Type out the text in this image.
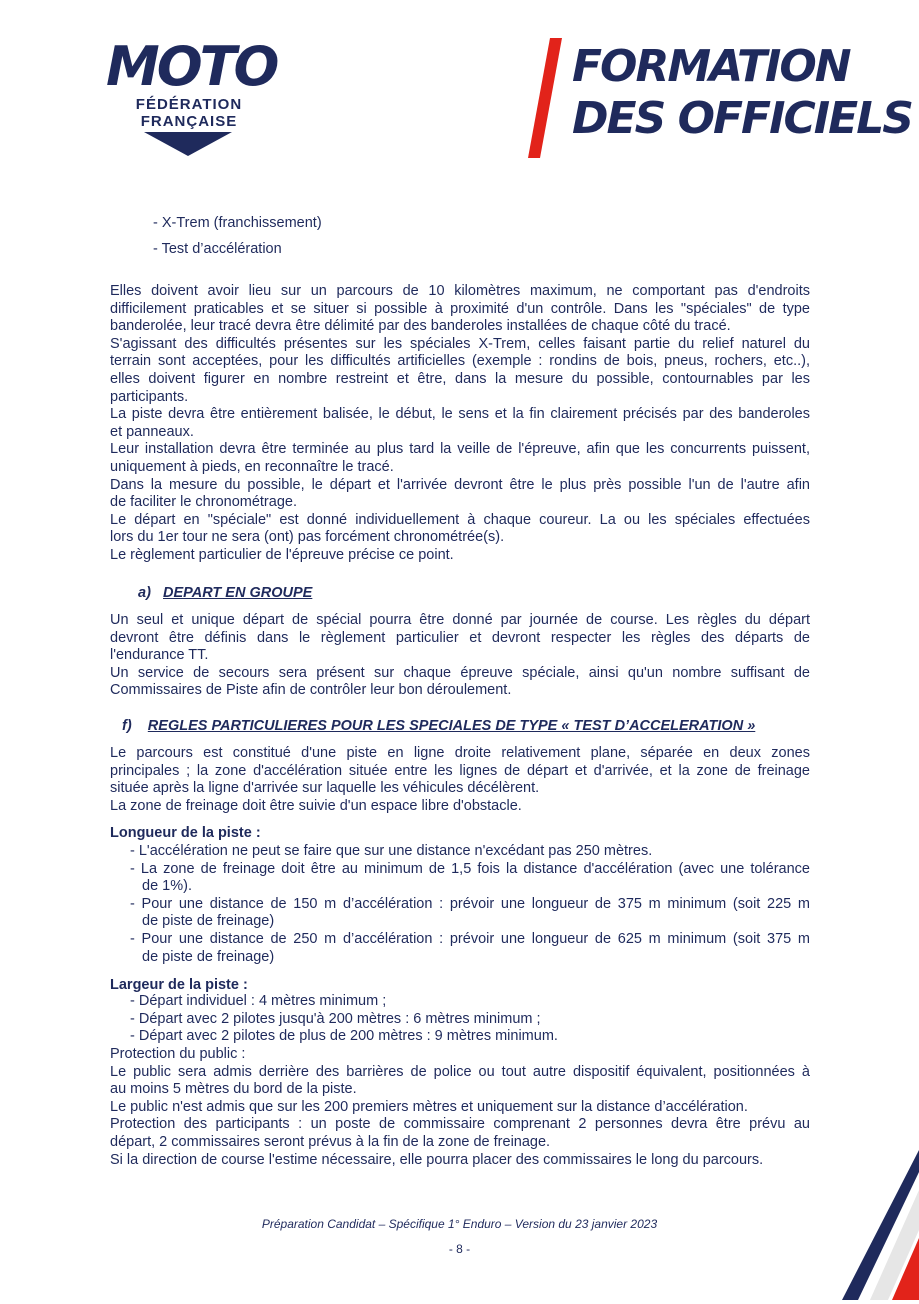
MOTO
FÉDÉRATION
FRANÇAISE
FORMATION
DES OFFICIELS
- X-Trem (franchissement)
- Test d’accélération
Elles doivent avoir lieu sur un parcours de 10 kilomètres maximum, ne comportant pas d'endroits
difficilement praticables et se situer si possible à proximité d'un contrôle. Dans les "spéciales" de type
banderolée, leur tracé devra être délimité par des banderoles installées de chaque côté du tracé.
S'agissant des difficultés présentes sur les spéciales X-Trem, celles faisant partie du relief naturel du
terrain sont acceptées, pour les difficultés artificielles (exemple : rondins de bois, pneus, rochers, etc..),
elles doivent figurer en nombre restreint et être, dans la mesure du possible, contournables par les
participants.
La piste devra être entièrement balisée, le début, le sens et la fin clairement précisés par des banderoles
et panneaux.
Leur installation devra être terminée au plus tard la veille de l'épreuve, afin que les concurrents puissent,
uniquement à pieds, en reconnaître le tracé.
Dans la mesure du possible, le départ et l'arrivée devront être le plus près possible l'un de l'autre afin
de faciliter le chronométrage.
Le départ en "spéciale" est donné individuellement à chaque coureur. La ou les spéciales effectuées
lors du 1er tour ne sera (ont) pas forcément chronométrée(s).
Le règlement particulier de l'épreuve précise ce point.
a) DEPART EN GROUPE
Un seul et unique départ de spécial pourra être donné par journée de course. Les règles du départ
devront être définis dans le règlement particulier et devront respecter les règles des départs de
l'endurance TT.
Un service de secours sera présent sur chaque épreuve spéciale, ainsi qu'un nombre suffisant de
Commissaires de Piste afin de contrôler leur bon déroulement.
f) REGLES PARTICULIERES POUR LES SPECIALES DE TYPE « TEST D’ACCELERATION »
Le parcours est constitué d'une piste en ligne droite relativement plane, séparée en deux zones
principales ; la zone d'accélération située entre les lignes de départ et d'arrivée, et la zone de freinage
située après la ligne d'arrivée sur laquelle les véhicules décélèrent.
La zone de freinage doit être suivie d'un espace libre d'obstacle.
Longueur de la piste :
- L'accélération ne peut se faire que sur une distance n'excédant pas 250 mètres.
- La zone de freinage doit être au minimum de 1,5 fois la distance d'accélération (avec une tolérance
de 1%).
- Pour une distance de 150 m d’accélération : prévoir une longueur de 375 m minimum (soit 225 m
de piste de freinage)
- Pour une distance de 250 m d’accélération : prévoir une longueur de 625 m minimum (soit 375 m
de piste de freinage)
Largeur de la piste :
- Départ individuel : 4 mètres minimum ;
- Départ avec 2 pilotes jusqu'à 200 mètres : 6 mètres minimum ;
- Départ avec 2 pilotes de plus de 200 mètres : 9 mètres minimum.
Protection du public :
Le public sera admis derrière des barrières de police ou tout autre dispositif équivalent, positionnées à
au moins 5 mètres du bord de la piste.
Le public n'est admis que sur les 200 premiers mètres et uniquement sur la distance d’accélération.
Protection des participants : un poste de commissaire comprenant 2 personnes devra être prévu au
départ, 2 commissaires seront prévus à la fin de la zone de freinage.
Si la direction de course l'estime nécessaire, elle pourra placer des commissaires le long du parcours.
Préparation Candidat – Spécifique 1° Enduro – Version du 23 janvier 2023
- 8 -
